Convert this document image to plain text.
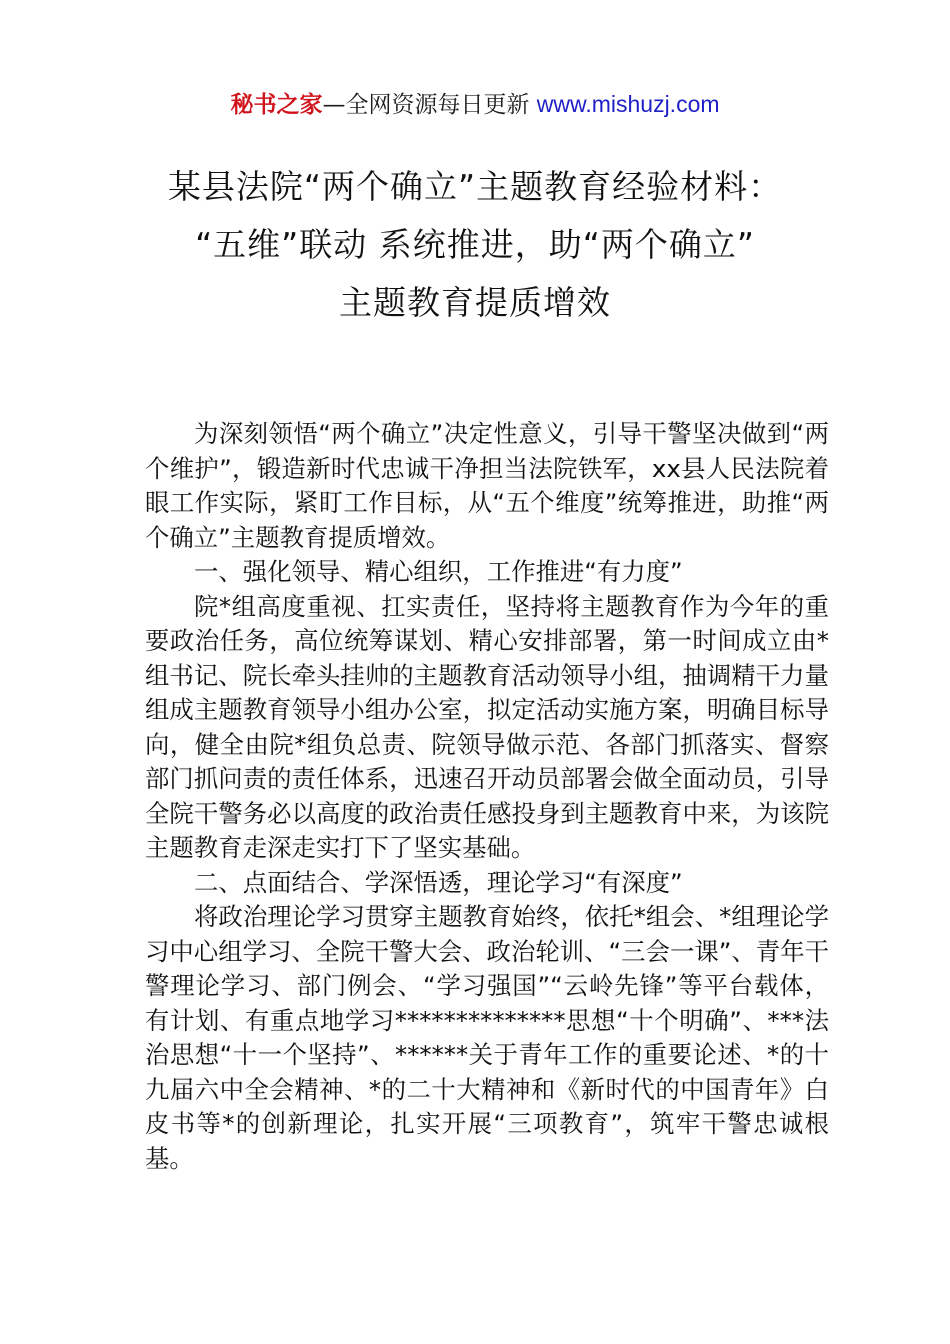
秘书之家—全网资源每日更新 www.mishuzj.com
某县法院“两个确立”主题教育经验材料：
“五维”联动 系统推进，助“两个确立”
主题教育提质增效

为深刻领悟“两个确立”决定性意义，引导干警坚决做到“两个维护”，锻造新时代忠诚干净担当法院铁军，xx县人民法院着眼工作实际，紧盯工作目标，从“五个维度”统筹推进，助推“两个确立”主题教育提质增效。

一、强化领导、精心组织，工作推进“有力度”

院*组高度重视、扛实责任，坚持将主题教育作为今年的重要政治任务，高位统筹谋划、精心安排部署，第一时间成立由*组书记、院长牵头挂帅的主题教育活动领导小组，抽调精干力量组成主题教育领导小组办公室，拟定活动实施方案，明确目标导向，健全由院*组负总责、院领导做示范、各部门抓落实、督察部门抓问责的责任体系，迅速召开动员部署会做全面动员，引导全院干警务必以高度的政治责任感投身到主题教育中来，为该院主题教育走深走实打下了坚实基础。

二、点面结合、学深悟透，理论学习“有深度”

将政治理论学习贯穿主题教育始终，依托*组会、*组理论学习中心组学习、全院干警大会、政治轮训、“三会一课”、青年干警理论学习、部门例会、“学习强国”“云岭先锋”等平台载体，有计划、有重点地学习**************思想“十个明确”、***法治思想“十一个坚持”、******关于青年工作的重要论述、*的十九届六中全会精神、*的二十大精神和《新时代的中国青年》白皮书等*的创新理论，扎实开展“三项教育”，筑牢干警忠诚根基。
